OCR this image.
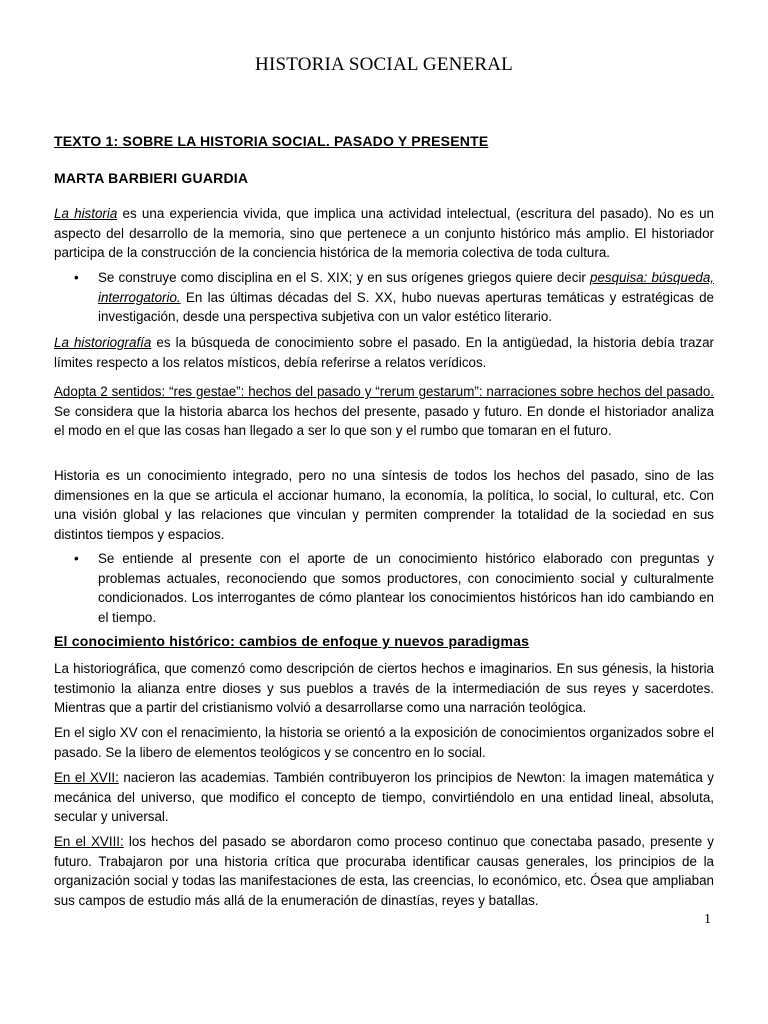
HISTORIA SOCIAL GENERAL
TEXTO 1: SOBRE LA HISTORIA SOCIAL. PASADO Y PRESENTE
MARTA BARBIERI GUARDIA
La historia es una experiencia vivida, que implica una actividad intelectual, (escritura del pasado). No es un aspecto del desarrollo de la memoria, sino que pertenece a un conjunto histórico más amplio. El historiador participa de la construcción de la conciencia histórica de la memoria colectiva de toda cultura.
• Se construye como disciplina en el S. XIX; y en sus orígenes griegos quiere decir pesquisa: búsqueda, interrogatorio. En las últimas décadas del S. XX, hubo nuevas aperturas temáticas y estratégicas de investigación, desde una perspectiva subjetiva con un valor estético literario.
La historiografía es la búsqueda de conocimiento sobre el pasado. En la antigüedad, la historia debía trazar límites respecto a los relatos místicos, debía referirse a relatos verídicos.
Adopta 2 sentidos: “res gestae”: hechos del pasado y “rerum gestarum”: narraciones sobre hechos del pasado. Se considera que la historia abarca los hechos del presente, pasado y futuro. En donde el historiador analiza el modo en el que las cosas han llegado a ser lo que son y el rumbo que tomaran en el futuro.
Historia es un conocimiento integrado, pero no una síntesis de todos los hechos del pasado, sino de las dimensiones en la que se articula el accionar humano, la economía, la política, lo social, lo cultural, etc. Con una visión global y las relaciones que vinculan y permiten comprender la totalidad de la sociedad en sus distintos tiempos y espacios.
• Se entiende al presente con el aporte de un conocimiento histórico elaborado con preguntas y problemas actuales, reconociendo que somos productores, con conocimiento social y culturalmente condicionados. Los interrogantes de cómo plantear los conocimientos históricos han ido cambiando en el tiempo.
El conocimiento histórico: cambios de enfoque y nuevos paradigmas
La historiográfica, que comenzó como descripción de ciertos hechos e imaginarios. En sus génesis, la historia testimonio la alianza entre dioses y sus pueblos a través de la intermediación de sus reyes y sacerdotes. Mientras que a partir del cristianismo volvió a desarrollarse como una narración teológica.
En el siglo XV con el renacimiento, la historia se orientó a la exposición de conocimientos organizados sobre el pasado. Se la libero de elementos teológicos y se concentro en lo social.
En el XVII: nacieron las academias. También contribuyeron los principios de Newton: la imagen matemática y mecánica del universo, que modifico el concepto de tiempo, convirtiéndolo en una entidad lineal, absoluta, secular y universal.
En el XVIII: los hechos del pasado se abordaron como proceso continuo que conectaba pasado, presente y futuro. Trabajaron por una historia crítica que procuraba identificar causas generales, los principios de la organización social y todas las manifestaciones de esta, las creencias, lo económico, etc. Ósea que ampliaban sus campos de estudio más allá de la enumeración de dinastías, reyes y batallas.
1
